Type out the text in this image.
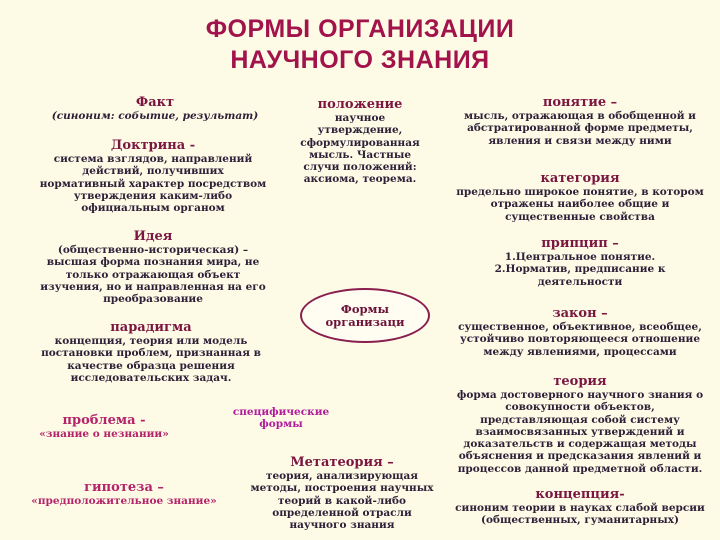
ФОРМЫ ОРГАНИЗАЦИИ
НАУЧНОГО ЗНАНИЯ
Факт
(синоним: событие, результат)
Доктрина -
система взглядов, направлений
действий, получивших
нормативный характер посредством
утверждения каким-либо
официальным органом
Идея
(общественно-историческая) –
высшая форма познания мира, не
только отражающая объект
изучения, но и направленная на его
преобразование
парадигма
концепция, теория или модель
постановки проблем, признанная в
качестве образца решения
исследовательских задач.
проблема -
«знание о незнании»
гипотеза –
«предположительное знание»
положение
научное
утверждение,
сформулированная
мысль. Частные
случи положений:
аксиома, теорема.
Формы
организаци
специфические
формы
Метатеория –
теория, анализирующая
методы, построения научных
теорий в какой-либо
определенной отрасли
научного знания
понятие –
мысль, отражающая в обобщенной и
абстратированной форме предметы,
явления и связи между ними
категория
предельно широкое понятие, в котором
отражены наиболее общие и
существенные свойства
припцип –
1.Центральное понятие.
2.Норматив, предписание к
деятельности
закон –
существенное, объективное, всеобщее,
устойчиво повторяющееся отношение
между явлениями, процессами
теория
форма достоверного научного знания о
совокупности объектов,
представляющая собой систему
взаимосвязанных утверждений и
доказательств и содержащая методы
объяснения и предсказания явлений и
процессов данной предметной области.
концепция-
синоним теории в науках слабой версии
(общественных, гуманитарных)
